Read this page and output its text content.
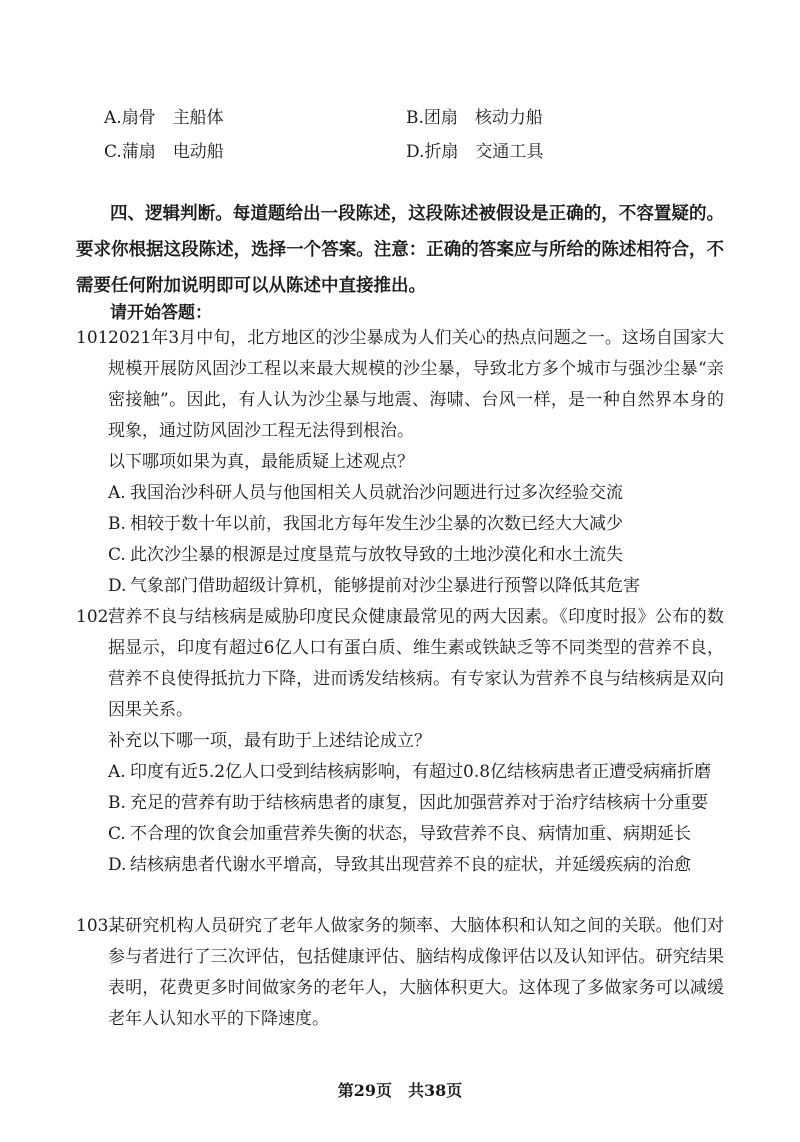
A.扇骨　主船体	B.团扇　核动力船
C.蒲扇　电动船	D.折扇　交通工具
四、逻辑判断。每道题给出一段陈述，这段陈述被假设是正确的，不容置疑的。要求你根据这段陈述，选择一个答案。注意：正确的答案应与所给的陈述相符合，不需要任何附加说明即可以从陈述中直接推出。
请开始答题：
101.
2021年3月中旬，北方地区的沙尘暴成为人们关心的热点问题之一。这场自国家大规模开展防风固沙工程以来最大规模的沙尘暴，导致北方多个城市与强沙尘暴“亲密接触”。因此，有人认为沙尘暴与地震、海啸、台风一样，是一种自然界本身的现象，通过防风固沙工程无法得到根治。
以下哪项如果为真，最能质疑上述观点？
A. 我国治沙科研人员与他国相关人员就治沙问题进行过多次经验交流
B. 相较于数十年以前，我国北方每年发生沙尘暴的次数已经大大减少
C. 此次沙尘暴的根源是过度垦荒与放牧导致的土地沙漠化和水土流失
D. 气象部门借助超级计算机，能够提前对沙尘暴进行预警以降低其危害
102.
营养不良与结核病是威胁印度民众健康最常见的两大因素。《印度时报》公布的数据显示，印度有超过6亿人口有蛋白质、维生素或铁缺乏等不同类型的营养不良，营养不良使得抵抗力下降，进而诱发结核病。有专家认为营养不良与结核病是双向因果关系。
补充以下哪一项，最有助于上述结论成立？
A. 印度有近5.2亿人口受到结核病影响，有超过0.8亿结核病患者正遭受病痛折磨
B. 充足的营养有助于结核病患者的康复，因此加强营养对于治疗结核病十分重要
C. 不合理的饮食会加重营养失衡的状态，导致营养不良、病情加重、病期延长
D. 结核病患者代谢水平增高，导致其出现营养不良的症状，并延缓疾病的治愈
103.
某研究机构人员研究了老年人做家务的频率、大脑体积和认知之间的关联。他们对参与者进行了三次评估，包括健康评估、脑结构成像评估以及认知评估。研究结果表明，花费更多时间做家务的老年人，大脑体积更大。这体现了多做家务可以减缓老年人认知水平的下降速度。
第29页　共38页
